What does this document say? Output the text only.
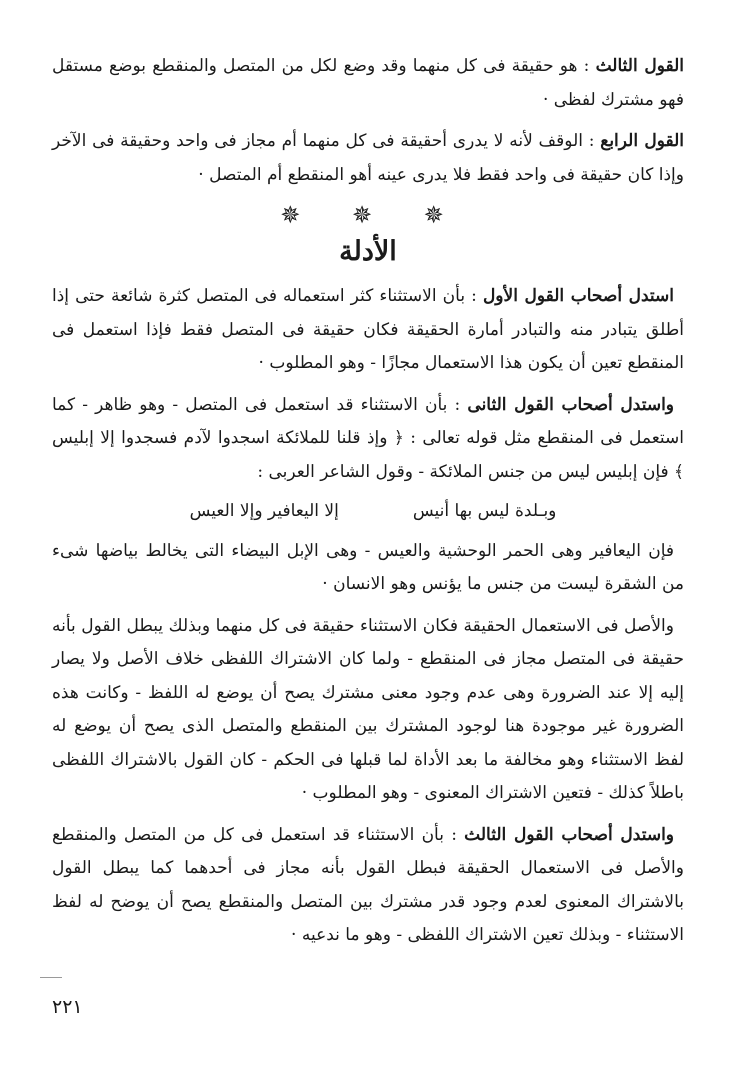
القول الثالث : هو حقيقة فى كل منهما وقد وضع لكل من المتصل والمنقطع بوضع مستقل فهو مشترك لفظى ·

القول الرابع : الوقف لأنه لا يدرى أحقيقة فى كل منهما أم مجاز فى واحد وحقيقة فى الآخر وإذا كان حقيقة فى واحد فقط فلا يدرى عينه أهو المنقطع أم المتصل ·

✵ ✵ ✵
الأدلة

استدل أصحاب القول الأول : بأن الاستثناء كثر استعماله فى المتصل كثرة شائعة حتى إذا أطلق يتبادر منه والتبادر أمارة الحقيقة فكان حقيقة فى المتصل فقط فإذا استعمل فى المنقطع تعين أن يكون هذا الاستعمال مجازًا - وهو المطلوب ·

واستدل أصحاب القول الثانى : بأن الاستثناء قد استعمل فى المتصل - وهو ظاهر - كما استعمل فى المنقطع مثل قوله تعالى : ﴿ وإذ قلنا للملائكة اسجدوا لآدم فسجدوا إلا إبليس ﴾ فإن إبليس ليس من جنس الملائكة - وقول الشاعر العربى :

وبـلدة ليس بها أنيس
إلا اليعافير وإلا العيس

فإن اليعافير وهى الحمر الوحشية والعيس - وهى الإبل البيضاء التى يخالط بياضها شىء من الشقرة ليست من جنس ما يؤنس وهو الانسان ·

والأصل فى الاستعمال الحقيقة فكان الاستثناء حقيقة فى كل منهما وبذلك يبطل القول بأنه حقيقة فى المتصل مجاز فى المنقطع - ولما كان الاشتراك اللفظى خلاف الأصل ولا يصار إليه إلا عند الضرورة وهى عدم وجود معنى مشترك يصح أن يوضع له اللفظ - وكانت هذه الضرورة غير موجودة هنا لوجود المشترك بين المنقطع والمتصل الذى يصح أن يوضع له لفظ الاستثناء وهو مخالفة ما بعد الأداة لما قبلها فى الحكم - كان القول بالاشتراك اللفظى باطلاً كذلك - فتعين الاشتراك المعنوى - وهو المطلوب ·

واستدل أصحاب القول الثالث : بأن الاستثناء قد استعمل فى كل من المتصل والمنقطع والأصل فى الاستعمال الحقيقة فبطل القول بأنه مجاز فى أحدهما كما يبطل القول بالاشتراك المعنوى لعدم وجود قدر مشترك بين المتصل والمنقطع يصح أن يوضح له لفظ الاستثناء - وبذلك تعين الاشتراك اللفظى - وهو ما ندعيه ·

٢٢١
